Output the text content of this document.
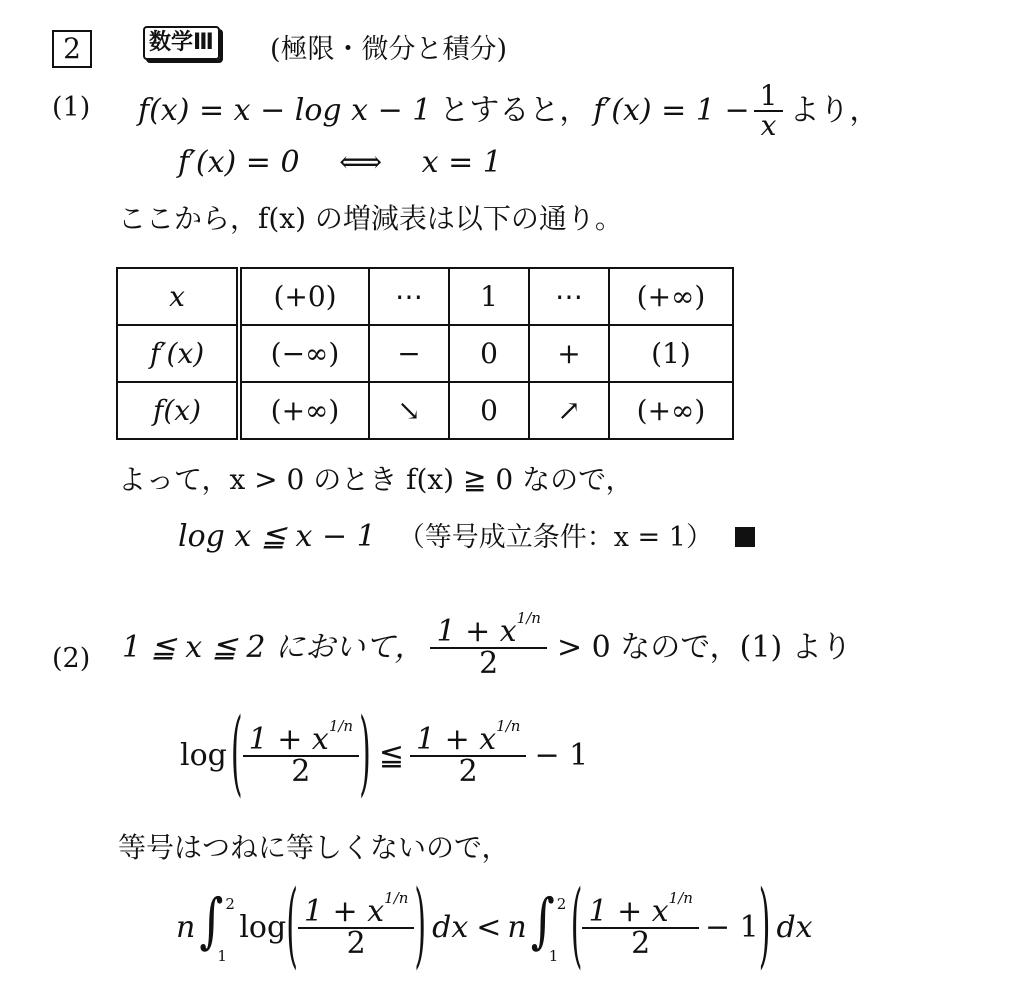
2	数学Ⅲ (極限・微分と積分)
(1) f(x) = x − log x − 1 とすると， $f'(x) = 1 - \frac{1}{x}$ より，
f′(x) = 0　 ⟺　 x = 1
ここから，f(x) の増減表は以下の通り。
x	(+0)	⋯	1	⋯	(+∞)
f′(x)	(−∞)	−	0	+	(1)
f(x)	(+∞)	↘	0	↗	(+∞)
よって，x > 0 のとき f(x) ≧ 0 なので，
log x ≦ x − 1 （等号成立条件：x = 1）
(2) 1 ≦ x ≦ 2 において， $\frac{1 + x^{1/n}}{2} > 0$ なので，(1) より
log ( $\frac{1 + x^{1/n}}{2}$ ) ≦ $\frac{1 + x^{1/n}}{2} - 1$
等号はつねに等しくないので，
n ∫ 2
1
log ( $\frac{1 + x^{1/n}}{2}$ ) dx < n ∫ 2
1 ( $\frac{1 + x^{1/n}}{2} - 1$ ) dx
